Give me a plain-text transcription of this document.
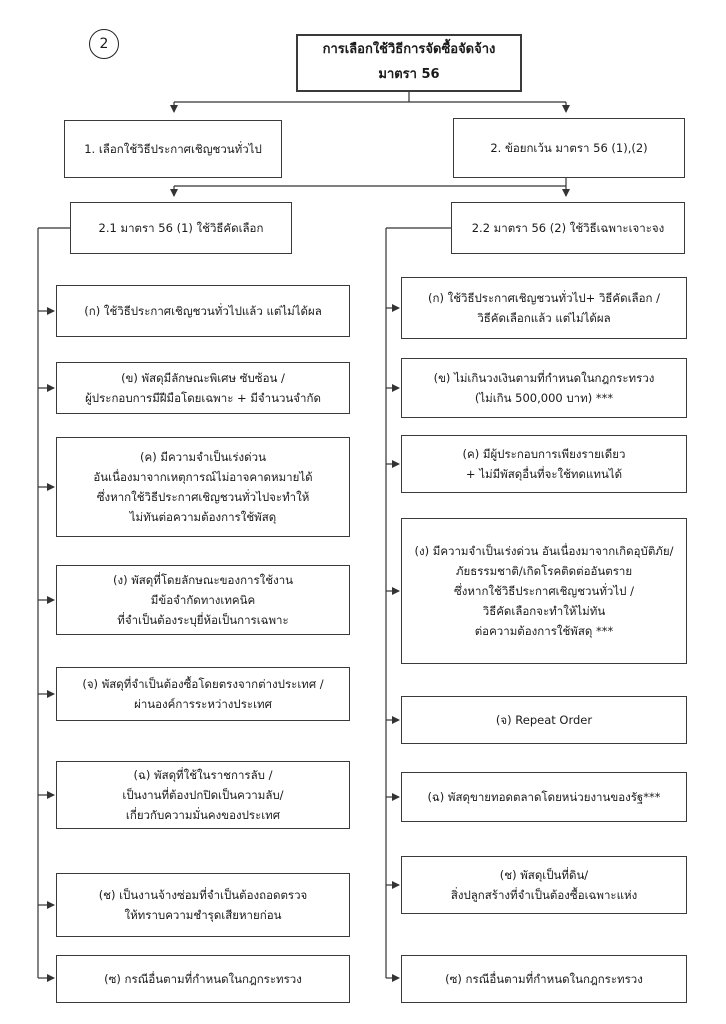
2	การเลือกใช้วิธีการจัดซื้อจัดจ้าง
มาตรา 56
1. เลือกใช้วิธีประกาศเชิญชวนทั่วไป	2. ข้อยกเว้น มาตรา 56 (1),(2)
2.1 มาตรา 56 (1) ใช้วิธีคัดเลือก	2.2 มาตรา 56 (2) ใช้วิธีเฉพาะเจาะจง
(ก) ใช้วิธีประกาศเชิญชวนทั่วไปแล้ว แต่ไม่ได้ผล
(ข) พัสดุมีลักษณะพิเศษ ซับซ้อน /
ผู้ประกอบการมีฝีมือโดยเฉพาะ + มีจำนวนจำกัด
(ค) มีความจำเป็นเร่งด่วน
อันเนื่องมาจากเหตุการณ์ไม่อาจคาดหมายได้
ซึ่งหากใช้วิธีประกาศเชิญชวนทั่วไปจะทำให้
ไม่ทันต่อความต้องการใช้พัสดุ
(ง) พัสดุที่โดยลักษณะของการใช้งาน
มีข้อจำกัดทางเทคนิค
ที่จำเป็นต้องระบุยี่ห้อเป็นการเฉพาะ
(จ) พัสดุที่จำเป็นต้องซื้อโดยตรงจากต่างประเทศ /
ผ่านองค์การระหว่างประเทศ
(ฉ) พัสดุที่ใช้ในราชการลับ /
เป็นงานที่ต้องปกปิดเป็นความลับ/
เกี่ยวกับความมั่นคงของประเทศ
(ช) เป็นงานจ้างซ่อมที่จำเป็นต้องถอดตรวจ
ให้ทราบความชำรุดเสียหายก่อน
(ซ) กรณีอื่นตามที่กำหนดในกฎกระทรวง
(ก) ใช้วิธีประกาศเชิญชวนทั่วไป+ วิธีคัดเลือก /
วิธีคัดเลือกแล้ว แต่ไม่ได้ผล
(ข) ไม่เกินวงเงินตามที่กำหนดในกฎกระทรวง
(ไม่เกิน 500,000 บาท) ***
(ค) มีผู้ประกอบการเพียงรายเดียว
+ ไม่มีพัสดุอื่นที่จะใช้ทดแทนได้
(ง) มีความจำเป็นเร่งด่วน อันเนื่องมาจากเกิดอุบัติภัย/
ภัยธรรมชาติ/เกิดโรคติดต่ออันตราย
ซึ่งหากใช้วิธีประกาศเชิญชวนทั่วไป /
วิธีคัดเลือกจะทำให้ไม่ทัน
ต่อความต้องการใช้พัสดุ ***
(จ) Repeat Order
(ฉ) พัสดุขายทอดตลาดโดยหน่วยงานของรัฐ***
(ช) พัสดุเป็นที่ดิน/
สิ่งปลูกสร้างที่จำเป็นต้องซื้อเฉพาะแห่ง
(ซ) กรณีอื่นตามที่กำหนดในกฎกระทรวง
